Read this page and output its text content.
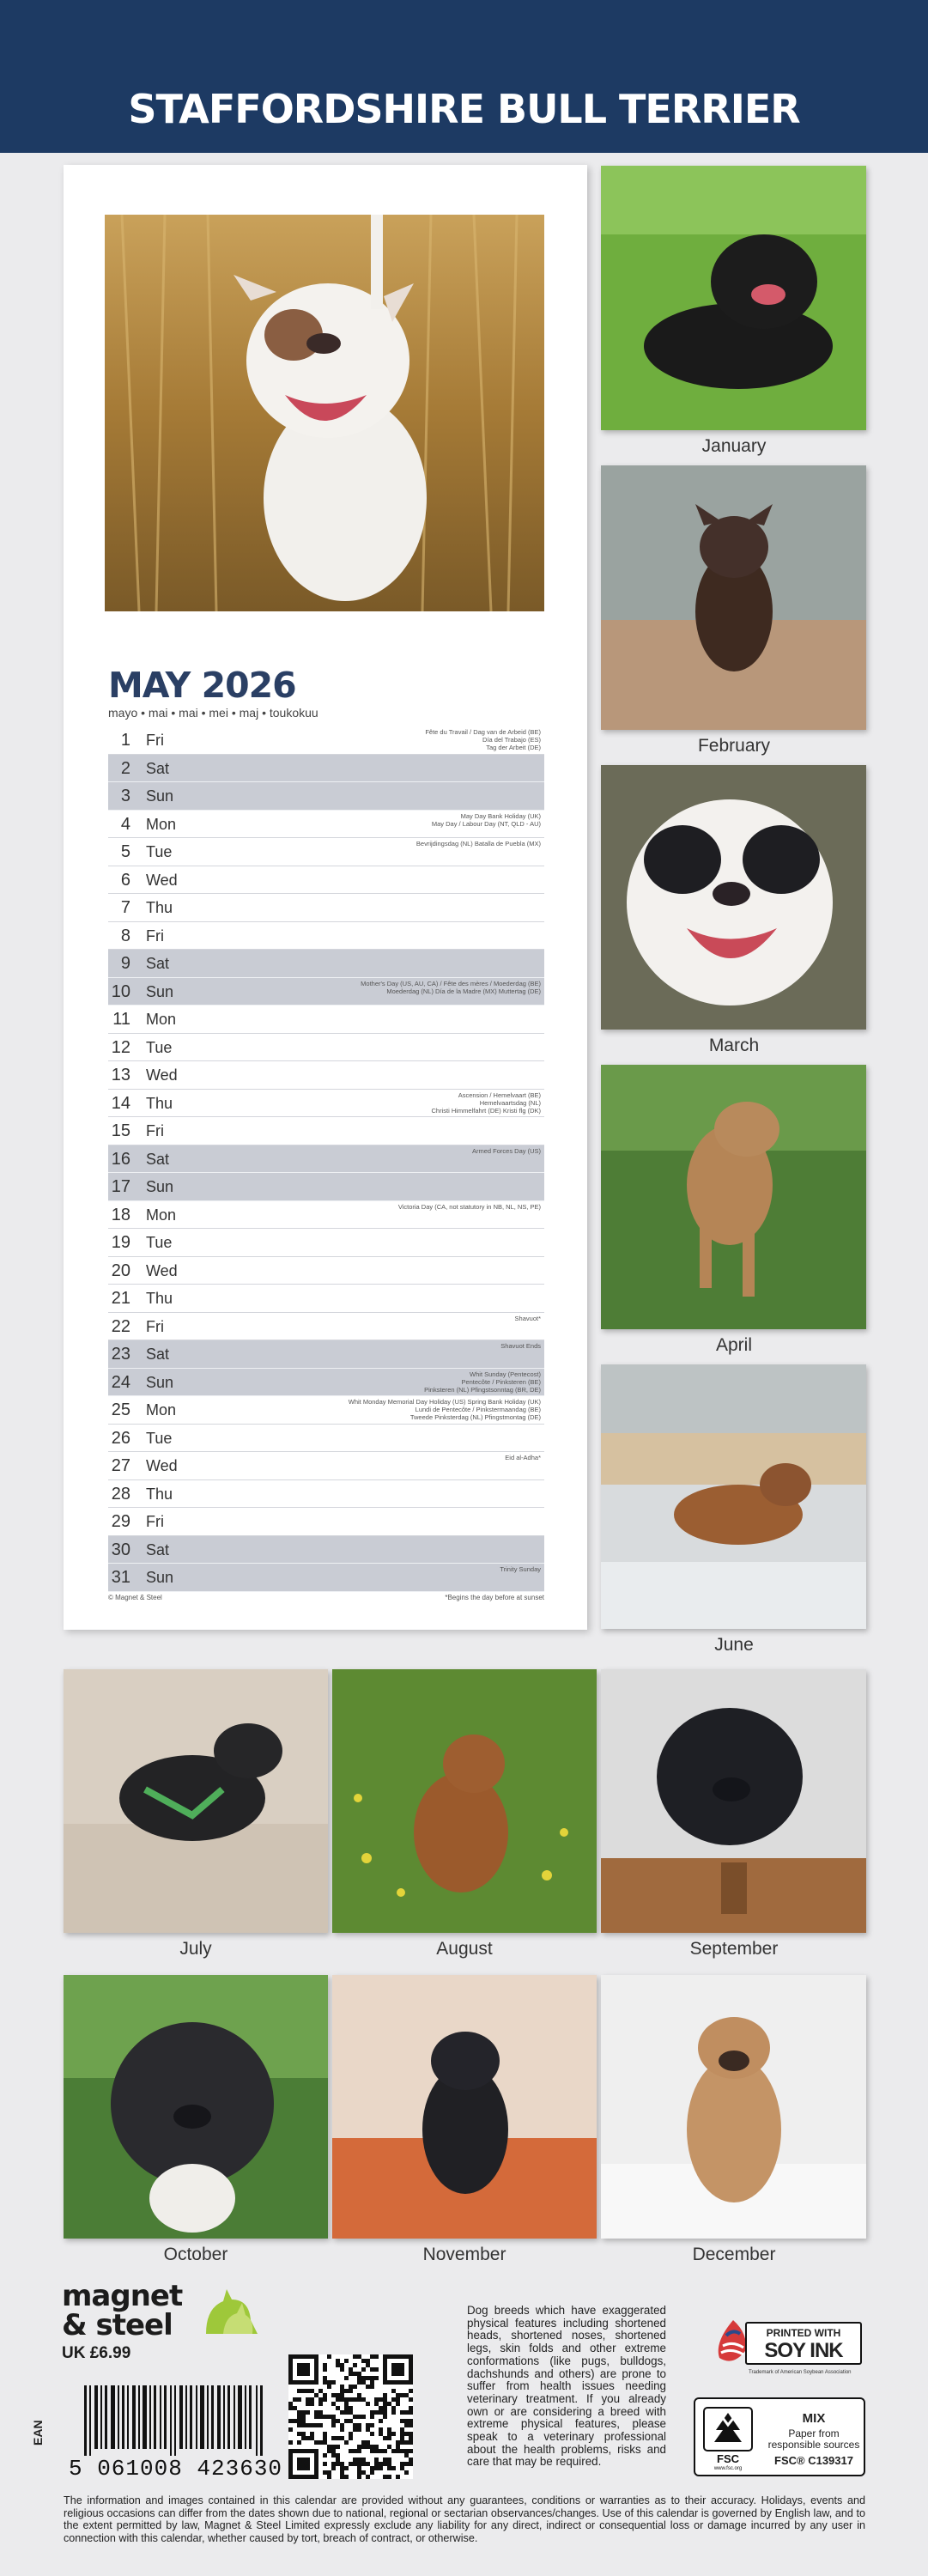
STAFFORDSHIRE BULL TERRIER
MAY 2026
mayo • mai • mai • mei • maj • toukokuu
1 Fri	Fête du Travail / Dag van de Arbeid (BE)
Día del Trabajo (ES)
Tag der Arbeit (DE)
2 Sat
3 Sun
4 Mon	May Day Bank Holiday (UK)
May Day / Labour Day (NT, QLD - AU)
5 Tue	Bevrijdingsdag (NL) Batalla de Puebla (MX)
6 Wed
7 Thu
8 Fri
9 Sat
10 Sun	Mother's Day (US, AU, CA) / Fête des mères / Moederdag (BE)
Moederdag (NL) Día de la Madre (MX) Muttertag (DE)
11 Mon
12 Tue
13 Wed
14 Thu	Ascension / Hemelvaart (BE)
Hemelvaartsdag (NL)
Christi Himmelfahrt (DE) Kristi flg (DK)
15 Fri
16 Sat	Armed Forces Day (US)
17 Sun
18 Mon	Victoria Day (CA, not statutory in NB, NL, NS, PE)
19 Tue
20 Wed
21 Thu
22 Fri	Shavuot*
23 Sat	Shavuot Ends
24 Sun	Whit Sunday (Pentecost)
Pentecôte / Pinksteren (BE)
Pinksteren (NL) Pfingstsonntag (BR, DE)
25 Mon	Whit Monday Memorial Day Holiday (US) Spring Bank Holiday (UK)
Lundi de Pentecôte / Pinkstermaandag (BE)
Tweede Pinksterdag (NL) Pfingstmontag (DE)
26 Tue
27 Wed	Eid al-Adha*
28 Thu
29 Fri
30 Sat
31 Sun	Trinity Sunday
© Magnet & Steel	*Begins the day before at sunset
January
February
March
April
June
July	August	September
October	November	December
magnet
& steel
UK £6.99
EAN
5 061008 423630
Dog breeds which have exaggerated physical features including shortened heads, shortened noses, shortened legs, skin folds and other extreme conformations (like pugs, bulldogs, dachshunds and others) are prone to suffer from health issues needing veterinary treatment. If you already own or are considering a breed with extreme physical features, please speak to a veterinary professional about the health problems, risks and care that may be required.
PRINTED WITH
SOY INK
Trademark of American Soybean Association
FSC
www.fsc.org
MIX
Paper from responsible sources
FSC® C139317
The information and images contained in this calendar are provided without any guarantees, conditions or warranties as to their accuracy. Holidays, events and religious occasions can differ from the dates shown due to national, regional or sectarian observances/changes. Use of this calendar is governed by English law, and to the extent permitted by law, Magnet & Steel Limited expressly exclude any liability for any direct, indirect or consequential loss or damage incurred by any user in connection with this calendar, whether caused by tort, breach of contract, or otherwise.
